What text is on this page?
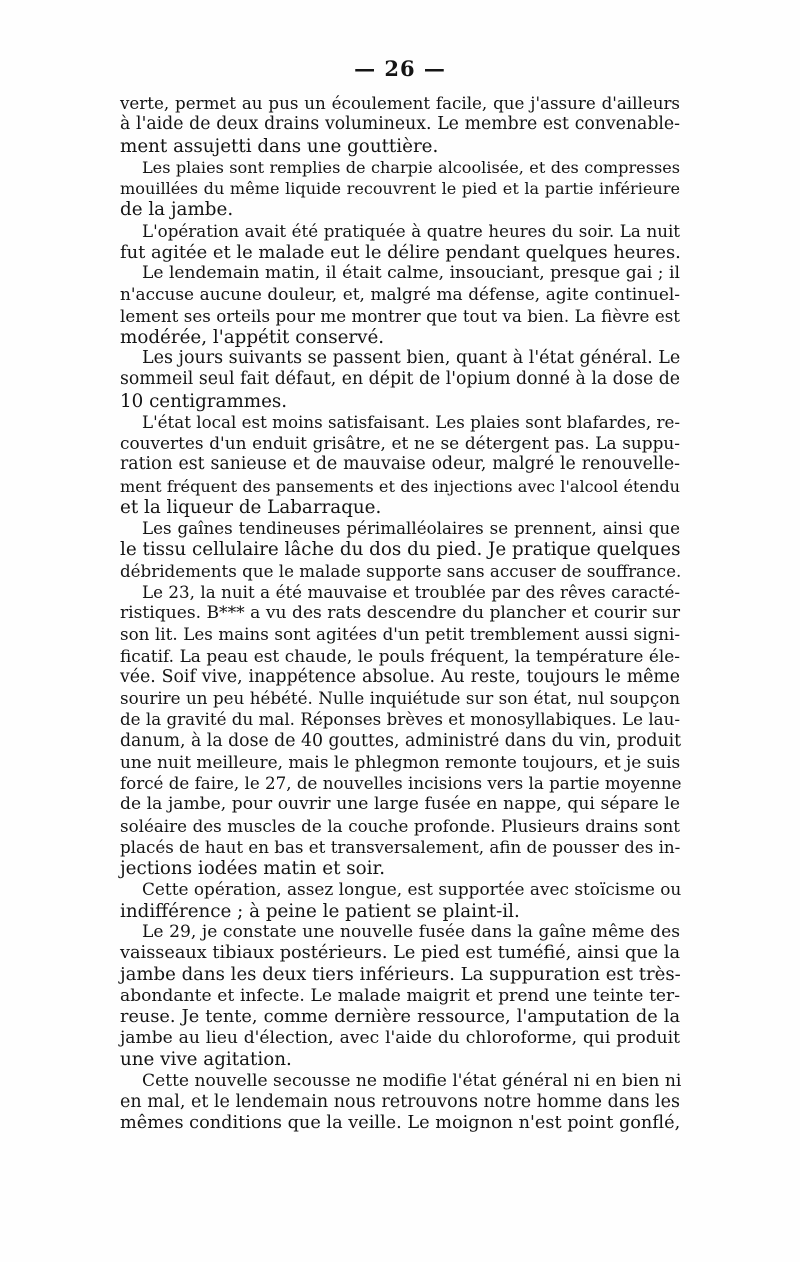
— 26 —
verte, permet au pus un écoulement facile, que j'assure d'ailleurs
à l'aide de deux drains volumineux. Le membre est convenable-
ment assujetti dans une gouttière.
Les plaies sont remplies de charpie alcoolisée, et des compresses
mouillées du même liquide recouvrent le pied et la partie inférieure
de la jambe.
L'opération avait été pratiquée à quatre heures du soir. La nuit
fut agitée et le malade eut le délire pendant quelques heures.
Le lendemain matin, il était calme, insouciant, presque gai ; il
n'accuse aucune douleur, et, malgré ma défense, agite continuel-
lement ses orteils pour me montrer que tout va bien. La fièvre est
modérée, l'appétit conservé.
Les jours suivants se passent bien, quant à l'état général. Le
sommeil seul fait défaut, en dépit de l'opium donné à la dose de
10 centigrammes.
L'état local est moins satisfaisant. Les plaies sont blafardes, re-
couvertes d'un enduit grisâtre, et ne se détergent pas. La suppu-
ration est sanieuse et de mauvaise odeur, malgré le renouvelle-
ment fréquent des pansements et des injections avec l'alcool étendu
et la liqueur de Labarraque.
Les gaînes tendineuses périmalléolaires se prennent, ainsi que
le tissu cellulaire lâche du dos du pied. Je pratique quelques
débridements que le malade supporte sans accuser de souffrance.
Le 23, la nuit a été mauvaise et troublée par des rêves caracté-
ristiques. B*** a vu des rats descendre du plancher et courir sur
son lit. Les mains sont agitées d'un petit tremblement aussi signi-
ficatif. La peau est chaude, le pouls fréquent, la température éle-
vée. Soif vive, inappétence absolue. Au reste, toujours le même
sourire un peu hébété. Nulle inquiétude sur son état, nul soupçon
de la gravité du mal. Réponses brèves et monosyllabiques. Le lau-
danum, à la dose de 40 gouttes, administré dans du vin, produit
une nuit meilleure, mais le phlegmon remonte toujours, et je suis
forcé de faire, le 27, de nouvelles incisions vers la partie moyenne
de la jambe, pour ouvrir une large fusée en nappe, qui sépare le
soléaire des muscles de la couche profonde. Plusieurs drains sont
placés de haut en bas et transversalement, afin de pousser des in-
jections iodées matin et soir.
Cette opération, assez longue, est supportée avec stoïcisme ou
indifférence ; à peine le patient se plaint-il.
Le 29, je constate une nouvelle fusée dans la gaîne même des
vaisseaux tibiaux postérieurs. Le pied est tuméfié, ainsi que la
jambe dans les deux tiers inférieurs. La suppuration est très-
abondante et infecte. Le malade maigrit et prend une teinte ter-
reuse. Je tente, comme dernière ressource, l'amputation de la
jambe au lieu d'élection, avec l'aide du chloroforme, qui produit
une vive agitation.
Cette nouvelle secousse ne modifie l'état général ni en bien ni
en mal, et le lendemain nous retrouvons notre homme dans les
mêmes conditions que la veille. Le moignon n'est point gonflé,
